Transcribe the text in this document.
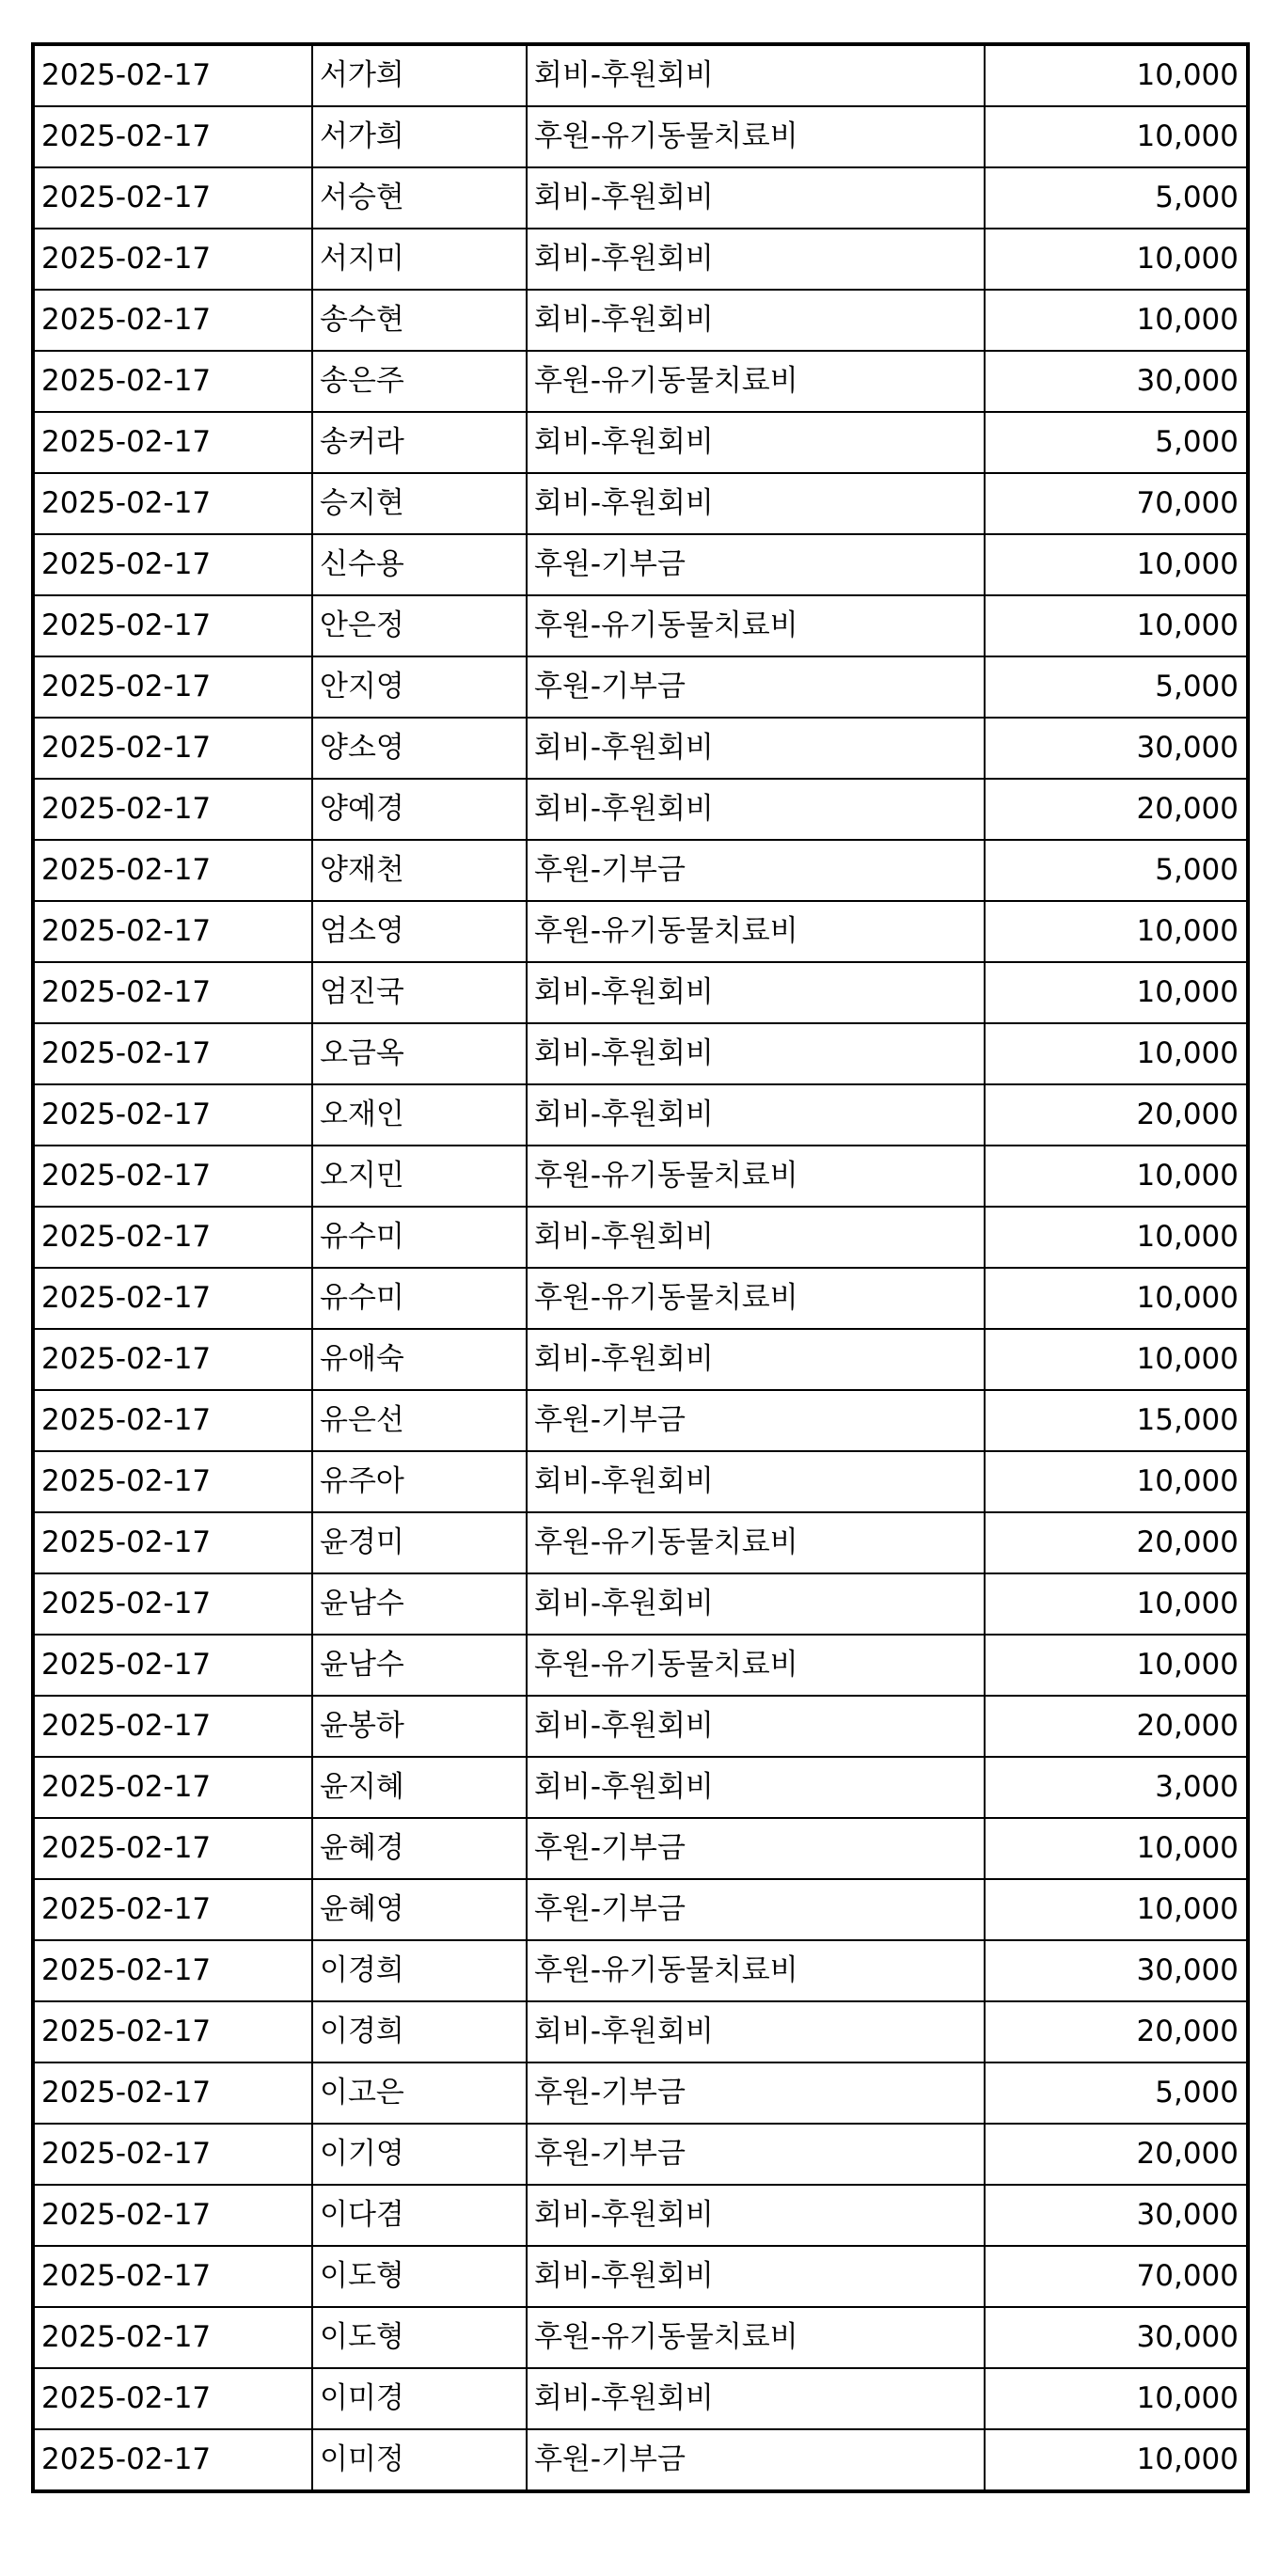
2025-02-17	서가희	회비-후원회비	10,000
2025-02-17	서가희	후원-유기동물치료비	10,000
2025-02-17	서승현	회비-후원회비	5,000
2025-02-17	서지미	회비-후원회비	10,000
2025-02-17	송수현	회비-후원회비	10,000
2025-02-17	송은주	후원-유기동물치료비	30,000
2025-02-17	송커라	회비-후원회비	5,000
2025-02-17	승지현	회비-후원회비	70,000
2025-02-17	신수용	후원-기부금	10,000
2025-02-17	안은정	후원-유기동물치료비	10,000
2025-02-17	안지영	후원-기부금	5,000
2025-02-17	양소영	회비-후원회비	30,000
2025-02-17	양예경	회비-후원회비	20,000
2025-02-17	양재천	후원-기부금	5,000
2025-02-17	엄소영	후원-유기동물치료비	10,000
2025-02-17	엄진국	회비-후원회비	10,000
2025-02-17	오금옥	회비-후원회비	10,000
2025-02-17	오재인	회비-후원회비	20,000
2025-02-17	오지민	후원-유기동물치료비	10,000
2025-02-17	유수미	회비-후원회비	10,000
2025-02-17	유수미	후원-유기동물치료비	10,000
2025-02-17	유애숙	회비-후원회비	10,000
2025-02-17	유은선	후원-기부금	15,000
2025-02-17	유주아	회비-후원회비	10,000
2025-02-17	윤경미	후원-유기동물치료비	20,000
2025-02-17	윤남수	회비-후원회비	10,000
2025-02-17	윤남수	후원-유기동물치료비	10,000
2025-02-17	윤봉하	회비-후원회비	20,000
2025-02-17	윤지혜	회비-후원회비	3,000
2025-02-17	윤혜경	후원-기부금	10,000
2025-02-17	윤혜영	후원-기부금	10,000
2025-02-17	이경희	후원-유기동물치료비	30,000
2025-02-17	이경희	회비-후원회비	20,000
2025-02-17	이고은	후원-기부금	5,000
2025-02-17	이기영	후원-기부금	20,000
2025-02-17	이다겸	회비-후원회비	30,000
2025-02-17	이도형	회비-후원회비	70,000
2025-02-17	이도형	후원-유기동물치료비	30,000
2025-02-17	이미경	회비-후원회비	10,000
2025-02-17	이미정	후원-기부금	10,000
